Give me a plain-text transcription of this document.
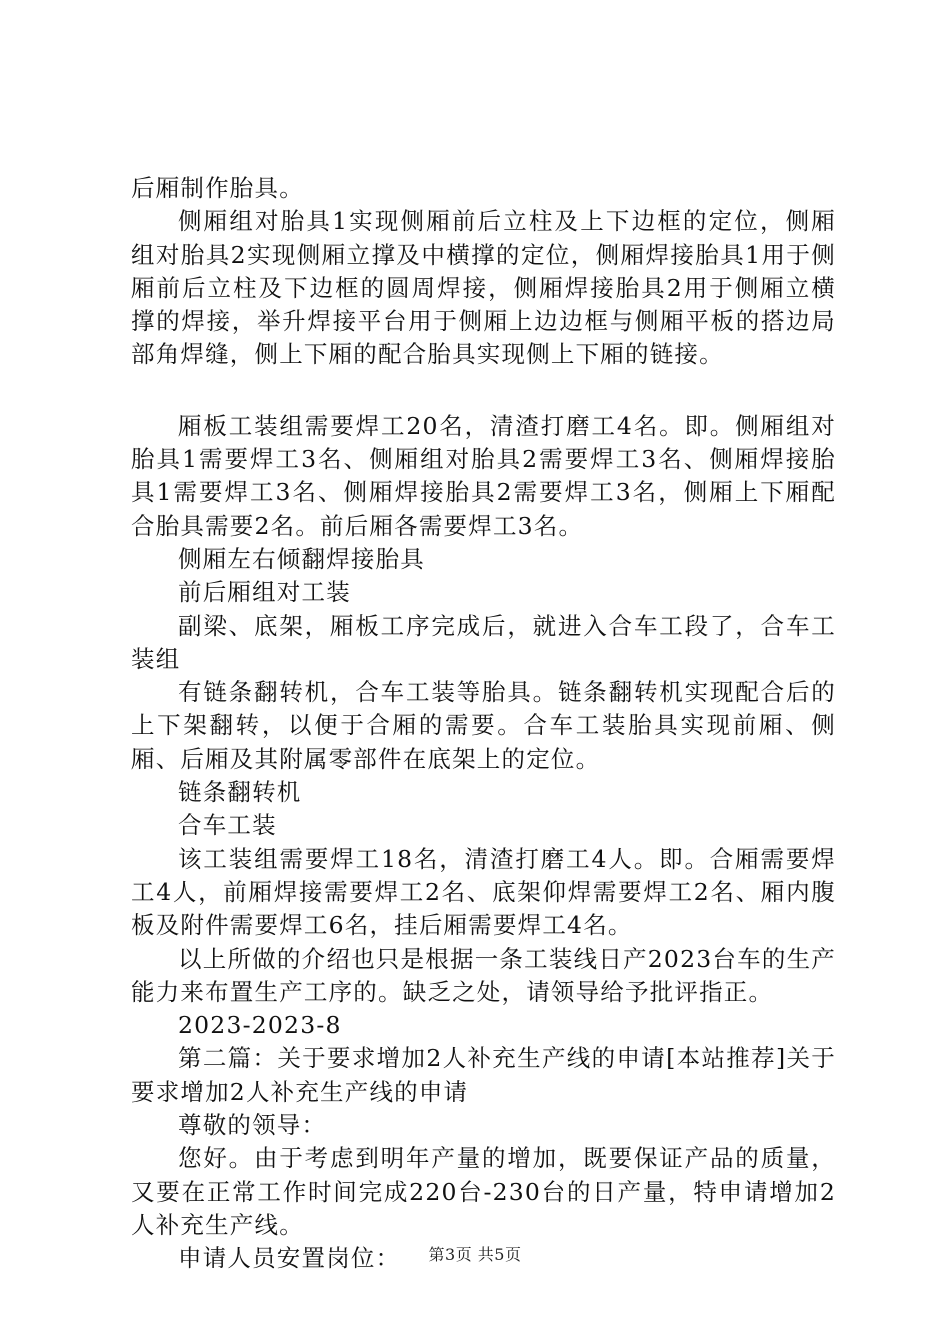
后厢制作胎具。

侧厢组对胎具1实现侧厢前后立柱及上下边框的定位，侧厢组对胎具2实现侧厢立撑及中横撑的定位，侧厢焊接胎具1用于侧厢前后立柱及下边框的圆周焊接，侧厢焊接胎具2用于侧厢立横撑的焊接，举升焊接平台用于侧厢上边边框与侧厢平板的搭边局部角焊缝，侧上下厢的配合胎具实现侧上下厢的链接。

厢板工装组需要焊工20名，清渣打磨工4名。即。侧厢组对胎具1需要焊工3名、侧厢组对胎具2需要焊工3名、侧厢焊接胎具1需要焊工3名、侧厢焊接胎具2需要焊工3名，侧厢上下厢配合胎具需要2名。前后厢各需要焊工3名。

侧厢左右倾翻焊接胎具

前后厢组对工装

副梁、底架，厢板工序完成后，就进入合车工段了，合车工装组

有链条翻转机，合车工装等胎具。链条翻转机实现配合后的上下架翻转，以便于合厢的需要。合车工装胎具实现前厢、侧厢、后厢及其附属零部件在底架上的定位。

链条翻转机

合车工装

该工装组需要焊工18名，清渣打磨工4人。即。合厢需要焊工4人，前厢焊接需要焊工2名、底架仰焊需要焊工2名、厢内腹板及附件需要焊工6名，挂后厢需要焊工4名。

以上所做的介绍也只是根据一条工装线日产2023台车的生产能力来布置生产工序的。缺乏之处，请领导给予批评指正。

2023-2023-8

第二篇：关于要求增加2人补充生产线的申请[本站推荐]关于要求增加2人补充生产线的申请

尊敬的领导：

您好。由于考虑到明年产量的增加，既要保证产品的质量，又要在正常工作时间完成220台-230台的日产量，特申请增加2人补充生产线。

申请人员安置岗位：	第3页 共5页
